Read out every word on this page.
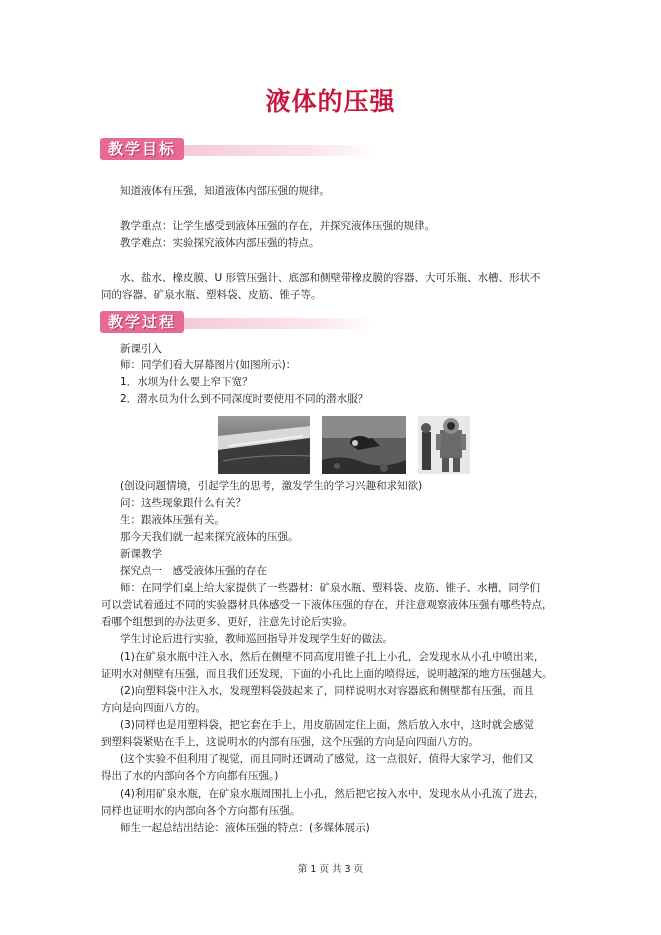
液体的压强
教学目标
知道液体有压强，知道液体内部压强的规律。
教学重点：让学生感受到液体压强的存在，并探究液体压强的规律。
教学难点：实验探究液体内部压强的特点。
水、盐水、橡皮膜、U 形管压强计、底部和侧壁带橡皮膜的容器、大可乐瓶、水槽、形状不
同的容器、矿泉水瓶、塑料袋、皮筋、锥子等。
教学过程
新课引入
师：同学们看大屏幕图片(如图所示)：
1．水坝为什么要上窄下宽？
2．潜水员为什么到不同深度时要使用不同的潜水服？
(创设问题情境，引起学生的思考，激发学生的学习兴趣和求知欲)
问：这些现象跟什么有关？
生：跟液体压强有关。
那今天我们就一起来探究液体的压强。
新课教学
探究点一　感受液体压强的存在
师：在同学们桌上给大家提供了一些器材：矿泉水瓶、塑料袋、皮筋、锥子、水槽，同学们
可以尝试着通过不同的实验器材具体感受一下液体压强的存在，并注意观察液体压强有哪些特点，
看哪个组想到的办法更多、更好，注意先讨论后实验。
学生讨论后进行实验，教师巡回指导并发现学生好的做法。
(1)在矿泉水瓶中注入水，然后在侧壁不同高度用锥子扎上小孔，会发现水从小孔中喷出来，
证明水对侧壁有压强，而且我们还发现，下面的小孔比上面的喷得远，说明越深的地方压强越大。
(2)向塑料袋中注入水，发现塑料袋鼓起来了，同样说明水对容器底和侧壁都有压强，而且
方向是向四面八方的。
(3)同样也是用塑料袋，把它套在手上，用皮筋固定住上面，然后放入水中，这时就会感觉
到塑料袋紧贴在手上，这说明水的内部有压强，这个压强的方向是向四面八方的。
(这个实验不但利用了视觉，而且同时还调动了感觉，这一点很好，值得大家学习，他们又
得出了水的内部向各个方向都有压强。)
(4)利用矿泉水瓶，在矿泉水瓶周围扎上小孔，然后把它按入水中，发现水从小孔流了进去，
同样也证明水的内部向各个方向都有压强。
师生一起总结出结论：液体压强的特点：(多媒体展示)
第 1 页 共 3 页
